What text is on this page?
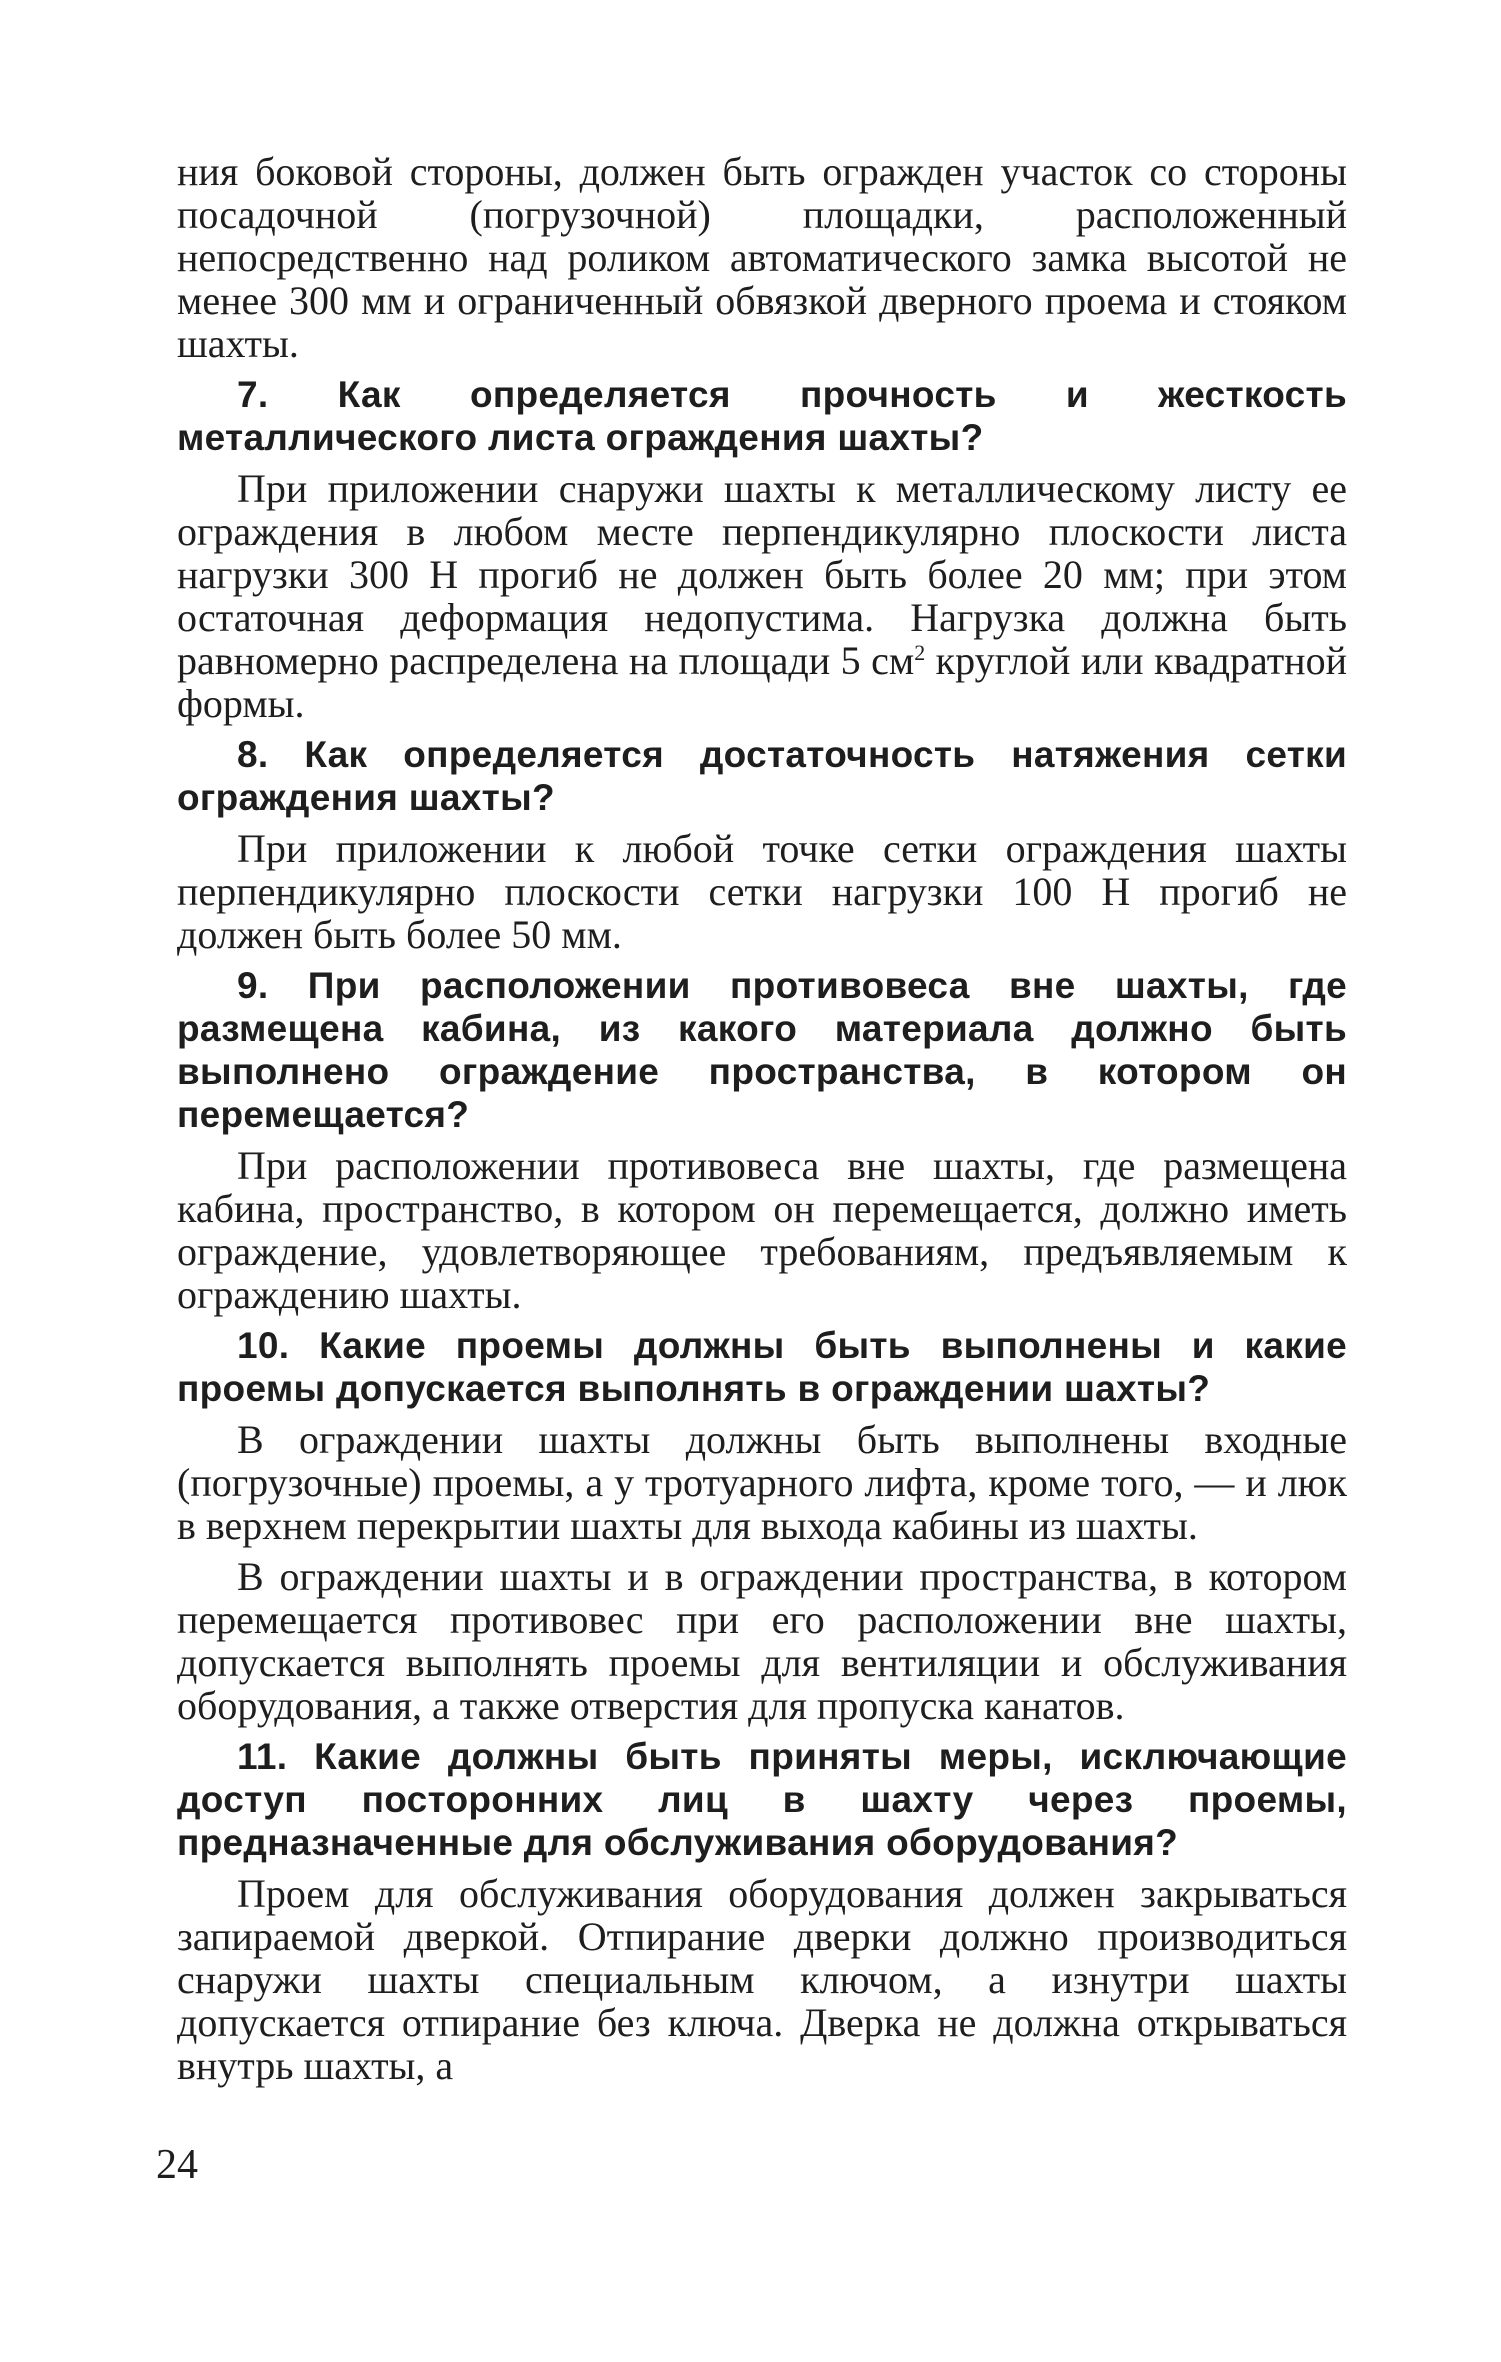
ния боковой стороны, должен быть огражден участок со стороны посадочной (погрузочной) площадки, расположенный непосредственно над роликом автоматического замка высотой не менее 300 мм и ограниченный обвязкой дверного проема и стояком шахты.

7. Как определяется прочность и жесткость металлического листа ограждения шахты?

При приложении снаружи шахты к металлическому листу ее ограждения в любом месте перпендикулярно плоскости листа нагрузки 300 Н прогиб не должен быть более 20 мм; при этом остаточная деформация недопустима. Нагрузка должна быть равномерно распределена на площади 5 $см^2$ круглой или квадратной формы.

8. Как определяется достаточность натяжения сетки ограждения шахты?

При приложении к любой точке сетки ограждения шахты перпендикулярно плоскости сетки нагрузки 100 Н прогиб не должен быть более 50 мм.

9. При расположении противовеса вне шахты, где размещена кабина, из какого материала должно быть выполнено ограждение пространства, в котором он перемещается?

При расположении противовеса вне шахты, где размещена кабина, пространство, в котором он перемещается, должно иметь ограждение, удовлетворяющее требованиям, предъявляемым к ограждению шахты.

10. Какие проемы должны быть выполнены и какие проемы допускается выполнять в ограждении шахты?

В ограждении шахты должны быть выполнены входные (погрузочные) проемы, а у тротуарного лифта, кроме того, — и люк в верхнем перекрытии шахты для выхода кабины из шахты.

В ограждении шахты и в ограждении пространства, в котором перемещается противовес при его расположении вне шахты, допускается выполнять проемы для вентиляции и обслуживания оборудования, а также отверстия для пропуска канатов.

11. Какие должны быть приняты меры, исключающие доступ посторонних лиц в шахту через проемы, предназначенные для обслуживания оборудования?

Проем для обслуживания оборудования должен закрываться запираемой дверкой. Отпирание дверки должно производиться снаружи шахты специальным ключом, а изнутри шахты допускается отпирание без ключа. Дверка не должна открываться внутрь шахты, а

24
